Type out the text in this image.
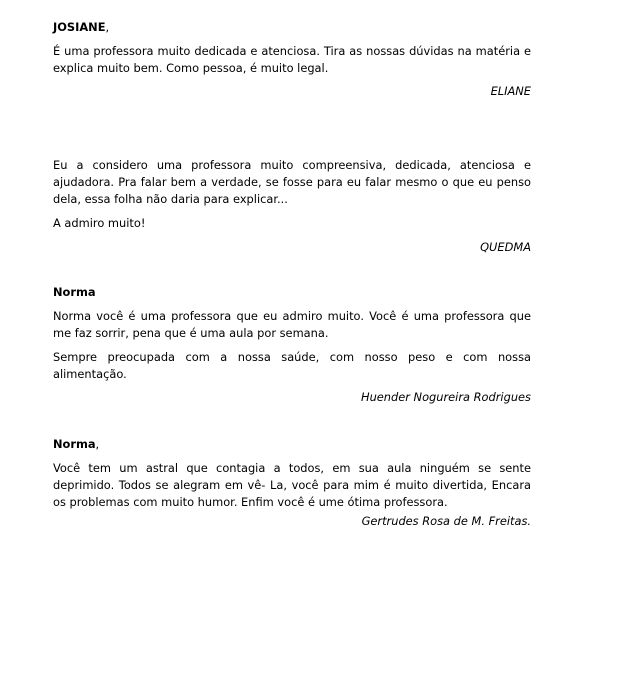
JOSIANE,

É uma professora muito dedicada e atenciosa. Tira as nossas dúvidas na matéria e explica muito bem. Como pessoa, é muito legal.

ELIANE

Eu a considero uma professora muito compreensiva, dedicada, atenciosa e ajudadora. Pra falar bem a verdade, se fosse para eu falar mesmo o que eu penso dela, essa folha não daria para explicar...

A admiro muito!

QUEDMA

Norma

Norma você é uma professora que eu admiro muito. Você é uma professora que me faz sorrir, pena que é uma aula por semana.

Sempre preocupada com a nossa saúde, com nosso peso e com nossa alimentação.

Huender Nogureira Rodrigues

Norma,

Você tem um astral que contagia a todos, em sua aula ninguém se sente deprimido. Todos se alegram em vê- La, você para mim é muito divertida, Encara os problemas com muito humor. Enfim você é ume ótima professora.

Gertrudes Rosa de M. Freitas.
